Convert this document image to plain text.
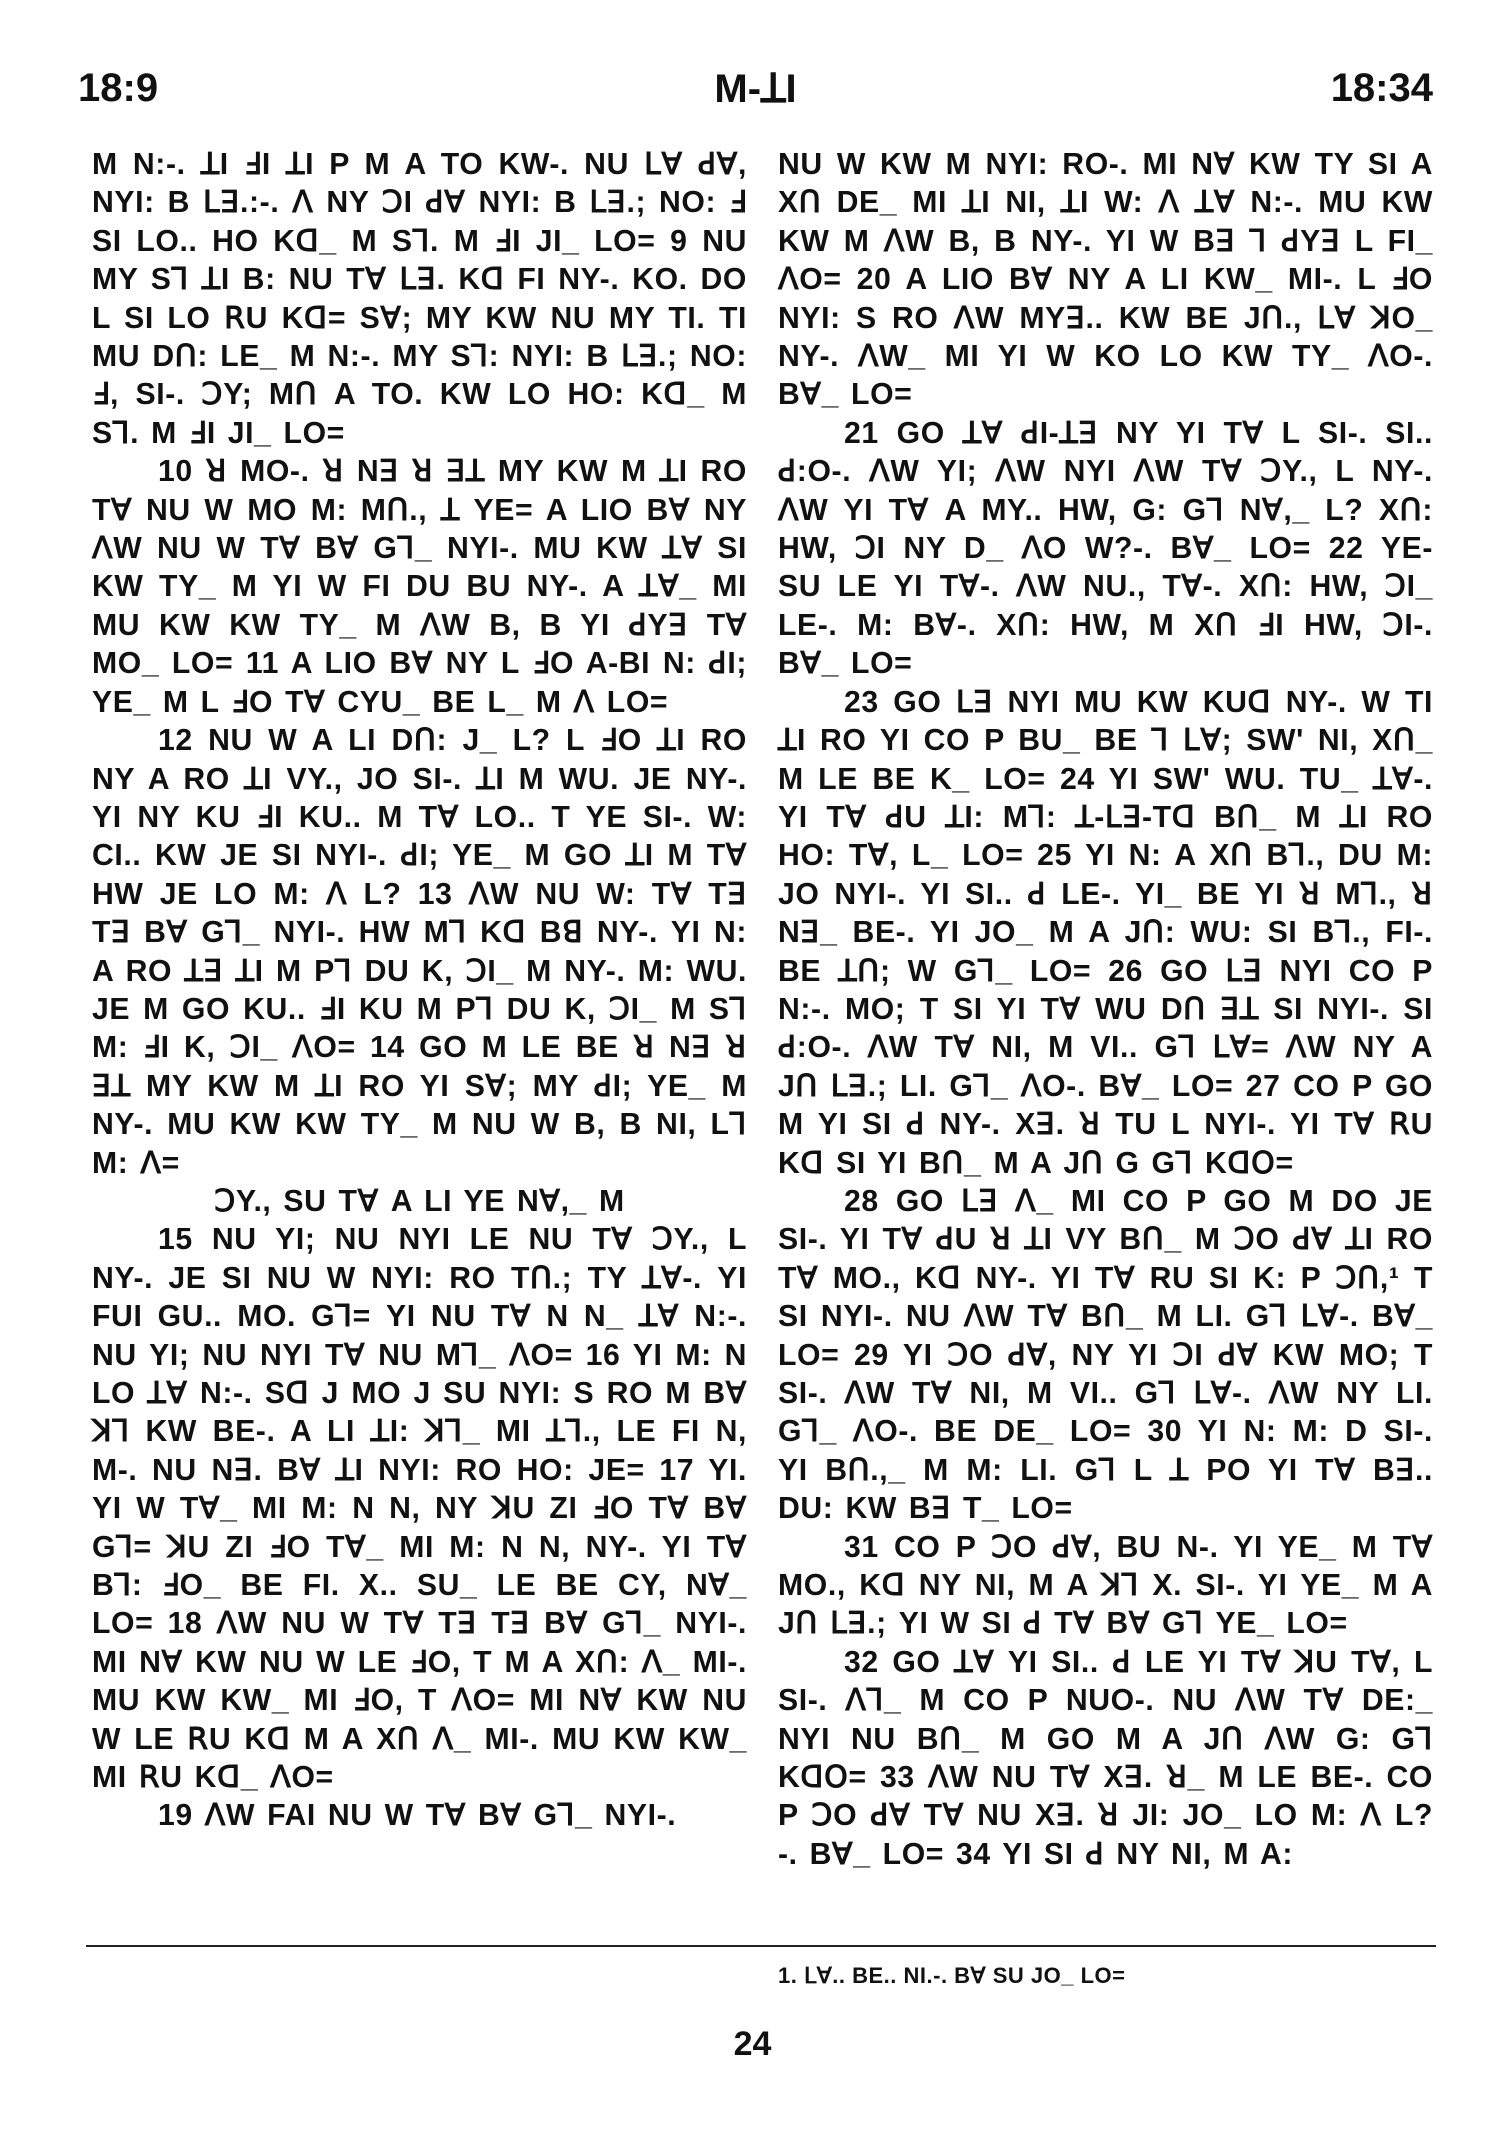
18:9	M-ꓕI	18:34

M N:-. ꓕI ꓞI ꓕI P M A TO KW-. NU ꓡꓯ ꓒꓯ, NYI: B ꓡꓱ.:-. ꓥ NY ꓛI ꓒꓯ NYI: B ꓡꓱ.; NO: ꓞ SI LO.. HO Kꓷ_ M Sꓶ. M ꓞI JI_ LO= 9 NU MY Sꓶ ꓕI B: NU Tꓯ ꓡꓱ. Kꓷ FI NY-. KO. DO L SI LO ꓣU Kꓷ= Sꓯ; MY KW NU MY TI. TI MU Dꓵ: LE_ M N:-. MY Sꓶ: NYI: B ꓡꓱ.; NO: ꓞ, SI-. ꓛY; Mꓵ A TO. KW LO HO: Kꓷ_ M Sꓶ. M ꓞI JI_ LO=

10 ꓤ MO-. ꓤ Nꓱ ꓤ ꓱꓕ MY KW M ꓕI RO Tꓯ NU W MO M: Mꓵ., ꓕ YE= A LIO Bꓯ NY ꓥW NU W Tꓯ Bꓯ Gꓶ_ NYI-. MU KW ꓕꓯ SI KW TY_ M YI W FI DU BU NY-. A ꓕꓯ_ MI MU KW KW TY_ M ꓥW B, B YI ꓒYꓱ Tꓯ MO_ LO= 11 A LIO Bꓯ NY L ꓞO A-BI N: ꓒI; YE_ M L ꓞO Tꓯ CYU_ BE L_ M ꓥ LO=

12 NU W A LI Dꓵ: J_ L? L ꓞO ꓕI RO NY A RO ꓕI VY., JO SI-. ꓕI M WU. JE NY-. YI NY KU ꓞI KU.. M Tꓯ LO.. T YE SI-. W: CI.. KW JE SI NYI-. ꓒI; YE_ M GO ꓕI M Tꓯ HW JE LO M: ꓥ L? 13 ꓥW NU W: Tꓯ Tꓱ Tꓱ Bꓯ Gꓶ_ NYI-. HW Mꓶ Kꓷ Bꓭ NY-. YI N: A RO ꓕꓱ ꓕI M Pꓶ DU K, ꓛI_ M NY-. M: WU. JE M GO KU.. ꓞI KU M Pꓶ DU K, ꓛI_ M Sꓶ M: ꓞI K, ꓛI_ ꓥO= 14 GO M LE BE ꓤ Nꓱ ꓤ ꓱꓕ MY KW M ꓕI RO YI Sꓯ; MY ꓒI; YE_ M NY-. MU KW KW TY_ M NU W B, B NI, Lꓶ M: ꓥ=

ꓛY., SU Tꓯ A LI YE Nꓯ,_ M

15 NU YI; NU NYI LE NU Tꓯ ꓛY., L NY-. JE SI NU W NYI: RO Tꓵ.; TY ꓕꓯ-. YI FUI GU.. MO. Gꓶ= YI NU Tꓯ N N_ ꓕꓯ N:-. NU YI; NU NYI Tꓯ NU Mꓶ_ ꓥO= 16 YI M: N LO ꓕꓯ N:-. Sꓷ J MO J SU NYI: S RO M Bꓯ ꓘꓶ KW BE-. A LI ꓕI: ꓘꓶ_ MI ꓕꓶ., LE FI N, M-. NU Nꓱ. Bꓯ ꓕI NYI: RO HO: JE= 17 YI. YI W Tꓯ_ MI M: N N, NY ꓘU ZI ꓞO Tꓯ Bꓯ Gꓶ= ꓘU ZI ꓞO Tꓯ_ MI M: N N, NY-. YI Tꓯ Bꓶ: ꓞO_ BE FI. X.. SU_ LE BE CY, Nꓯ_ LO= 18 ꓥW NU W Tꓯ Tꓱ Tꓱ Bꓯ Gꓶ_ NYI-. MI Nꓯ KW NU W LE ꓞO, T M A Xꓵ: ꓥ_ MI-. MU KW KW_ MI ꓞO, T ꓥO= MI Nꓯ KW NU W LE ꓣU Kꓷ M A Xꓵ ꓥ_ MI-. MU KW KW_ MI ꓣU Kꓷ_ ꓥO=

19 ꓥW FAI NU W Tꓯ Bꓯ Gꓶ_ NYI-.

NU W KW M NYI: RO-. MI Nꓯ KW TY SI A Xꓵ DE_ MI ꓕI NI, ꓕI W: ꓥ ꓕꓯ N:-. MU KW KW M ꓥW B, B NY-. YI W Bꓱ ꓶ ꓒYꓱ L FI_ ꓥO= 20 A LIO Bꓯ NY A LI KW_ MI-. L ꓞO NYI: S RO ꓥW MYꓱ.. KW BE Jꓵ., ꓡꓯ ꓘO_ NY-. ꓥW_ MI YI W KO LO KW TY_ ꓥO-. Bꓯ_ LO=

21 GO ꓕꓯ ꓒI-ꓕꓱ NY YI Tꓯ L SI-. SI.. ꓒ:O-. ꓥW YI; ꓥW NYI ꓥW Tꓯ ꓛY., L NY-. ꓥW YI Tꓯ A MY.. HW, G: Gꓶ Nꓯ,_ L? Xꓵ: HW, ꓛI NY D_ ꓥO W?-. Bꓯ_ LO= 22 YE- SU LE YI Tꓯ-. ꓥW NU., Tꓯ-. Xꓵ: HW, ꓛI_ LE-. M: Bꓯ-. Xꓵ: HW, M Xꓵ ꓞI HW, ꓛI-. Bꓯ_ LO=

23 GO ꓡꓱ NYI MU KW KUꓷ NY-. W TI ꓕI RO YI CO P BU_ BE ꓶ ꓡꓯ; SW' NI, Xꓵ_ M LE BE K_ LO= 24 YI SW' WU. TU_ ꓕꓯ-. YI Tꓯ ꓒU ꓕI: Mꓶ: ꓕ-ꓡꓱ-Tꓷ Bꓵ_ M ꓕI RO HO: Tꓯ, L_ LO= 25 YI N: A Xꓵ Bꓶ., DU M: JO NYI-. YI SI.. ꓒ LE-. YI_ BE YI ꓤ Mꓶ., ꓤ Nꓱ_ BE-. YI JO_ M A Jꓵ: WU: SI Bꓶ., FI-. BE ꓕꓵ; W Gꓶ_ LO= 26 GO ꓡꓱ NYI CO P N:-. MO; T SI YI Tꓯ WU Dꓵ ꓱꓕ SI NYI-. SI ꓒ:O-. ꓥW Tꓯ NI, M VI.. Gꓶ ꓡꓯ= ꓥW NY A Jꓵ ꓡꓱ.; LI. Gꓶ_ ꓥO-. Bꓯ_ LO= 27 CO P GO M YI SI ꓒ NY-. Xꓱ. ꓤ TU L NYI-. YI Tꓯ ꓣU Kꓷ SI YI Bꓵ_ M A Jꓵ G Gꓶ Kꓷꓳ=

28 GO ꓡꓱ ꓥ_ MI CO P GO M DO JE SI-. YI Tꓯ ꓒU ꓤ ꓕI VY Bꓵ_ M ꓛO ꓒꓯ ꓕI RO Tꓯ MO., Kꓷ NY-. YI Tꓯ RU SI K: P ꓛꓵ,¹ T SI NYI-. NU ꓥW Tꓯ Bꓵ_ M LI. Gꓶ ꓡꓯ-. Bꓯ_ LO= 29 YI ꓛO ꓒꓯ, NY YI ꓛI ꓒꓯ KW MO; T SI-. ꓥW Tꓯ NI, M VI.. Gꓶ ꓡꓯ-. ꓥW NY LI. Gꓶ_ ꓥO-. BE DE_ LO= 30 YI N: M: D SI-. YI Bꓵ.,_ M M: LI. Gꓶ L ꓕ PO YI Tꓯ Bꓱ.. DU: KW Bꓱ T_ LO=

31 CO P ꓛO ꓒꓯ, BU N-. YI YE_ M Tꓯ MO., Kꓷ NY NI, M A ꓘꓶ X. SI-. YI YE_ M A Jꓵ ꓡꓱ.; YI W SI ꓒ Tꓯ Bꓯ Gꓶ YE_ LO=

32 GO ꓕꓯ YI SI.. ꓒ LE YI Tꓯ ꓘU Tꓯ, L SI-. ꓥꓶ_ M CO P NUO-. NU ꓥW Tꓯ DE:_ NYI NU Bꓵ_ M GO M A Jꓵ ꓥW G: Gꓶ Kꓷꓳ= 33 ꓥW NU Tꓯ Xꓱ. ꓤ_ M LE BE-. CO P ꓛO ꓒꓯ Tꓯ NU Xꓱ. ꓤ JI: JO_ LO M: ꓥ L?-. Bꓯ_ LO= 34 YI SI ꓒ NY NI, M A:

1. ꓡꓯ.. BE.. NI.-. Bꓯ SU JO_ LO=
24
